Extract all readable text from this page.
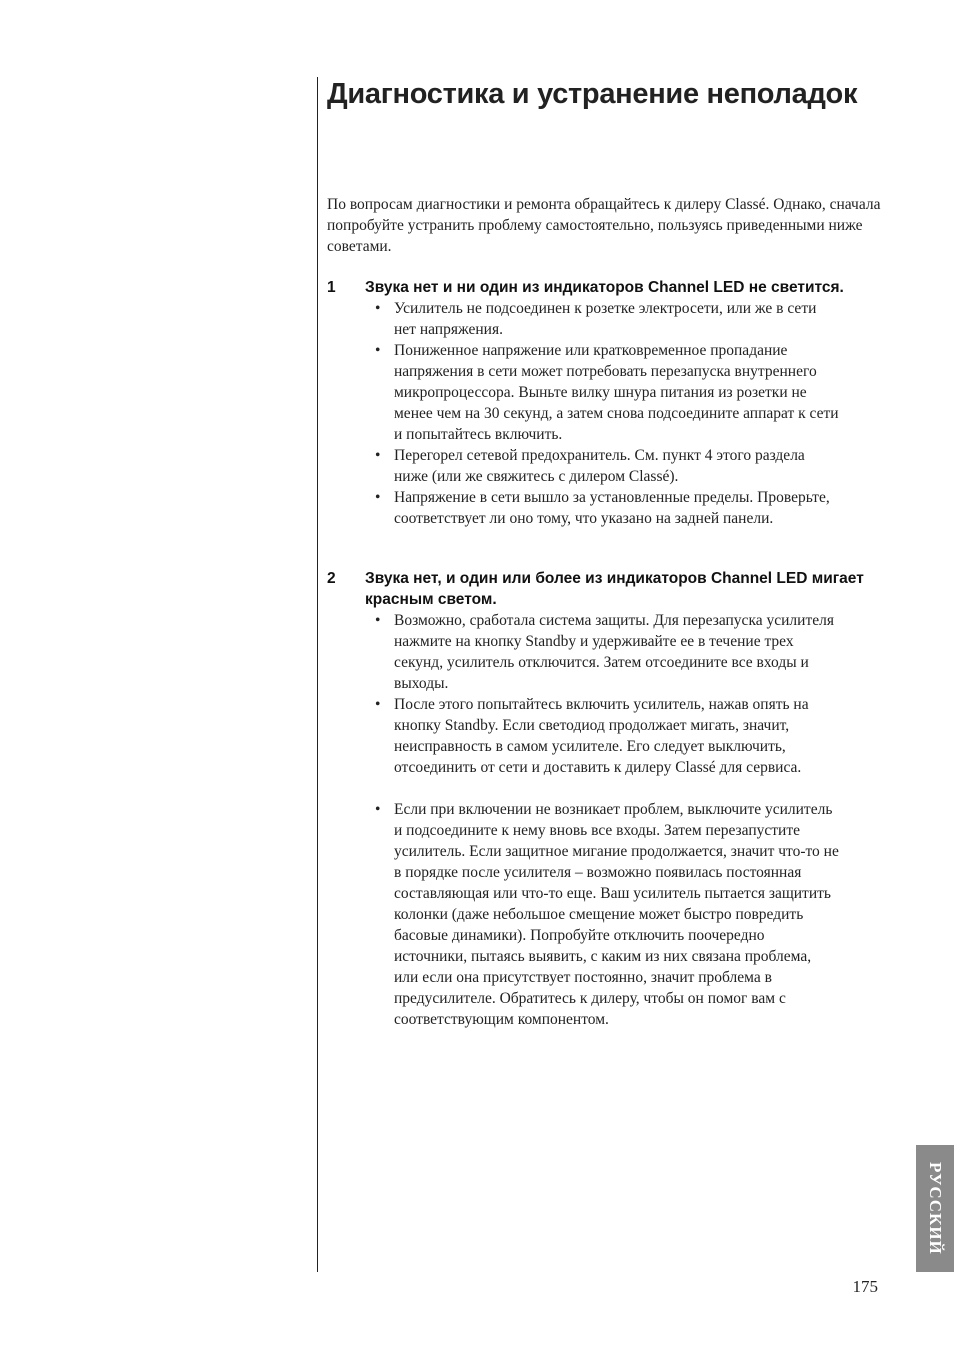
Диагностика и устранение неполадок

По вопросам диагностики и ремонта обращайтесь к дилеру Classé. Однако, сначала попробуйте устранить проблему самостоятельно, пользуясь приведенными ниже советами.

1	Звука нет и ни один из индикаторов Channel LED не светится.
• Усилитель не подсоединен к розетке электросети, или же в сети нет напряжения.
• Пониженное напряжение или кратковременное пропадание напряжения в сети может потребовать перезапуска внутреннего микропроцессора. Выньте вилку шнура питания из розетки не менее чем на 30 секунд, а затем снова подсоедините аппарат к сети и попытайтесь включить.
• Перегорел сетевой предохранитель. См. пункт 4 этого раздела ниже (или же свяжитесь с дилером Classé).
• Напряжение в сети вышло за установленные пределы. Проверьте, соответствует ли оно тому, что указано на задней панели.
2	Звука нет, и один или более из индикаторов Channel LED мигает красным светом.
• Возможно, сработала система защиты. Для перезапуска усилителя нажмите на кнопку Standby и удерживайте ее в течение трех секунд, усилитель отключится. Затем отсоедините все входы и выходы.
• После этого попытайтесь включить усилитель, нажав опять на кнопку Standby. Если светодиод продолжает мигать, значит, неисправность в самом усилителе. Его следует выключить, отсоединить от сети и доставить к дилеру Classé для сервиса.
• Если при включении не возникает проблем, выключите усилитель и подсоедините к нему вновь все входы. Затем перезапустите усилитель. Если защитное мигание продолжается, значит что-то не в порядке после усилителя – возможно появилась постоянная составляющая или что-то еще. Ваш усилитель пытается защитить колонки (даже небольшое смещение может быстро повредить басовые динамики). Попробуйте отключить поочередно источники, пытаясь выявить, с каким из них связана проблема, или если она присутствует постоянно, значит проблема в предусилителе. Обратитесь к дилеру, чтобы он помог вам с соответствующим компонентом.
РУССКИЙ
175
